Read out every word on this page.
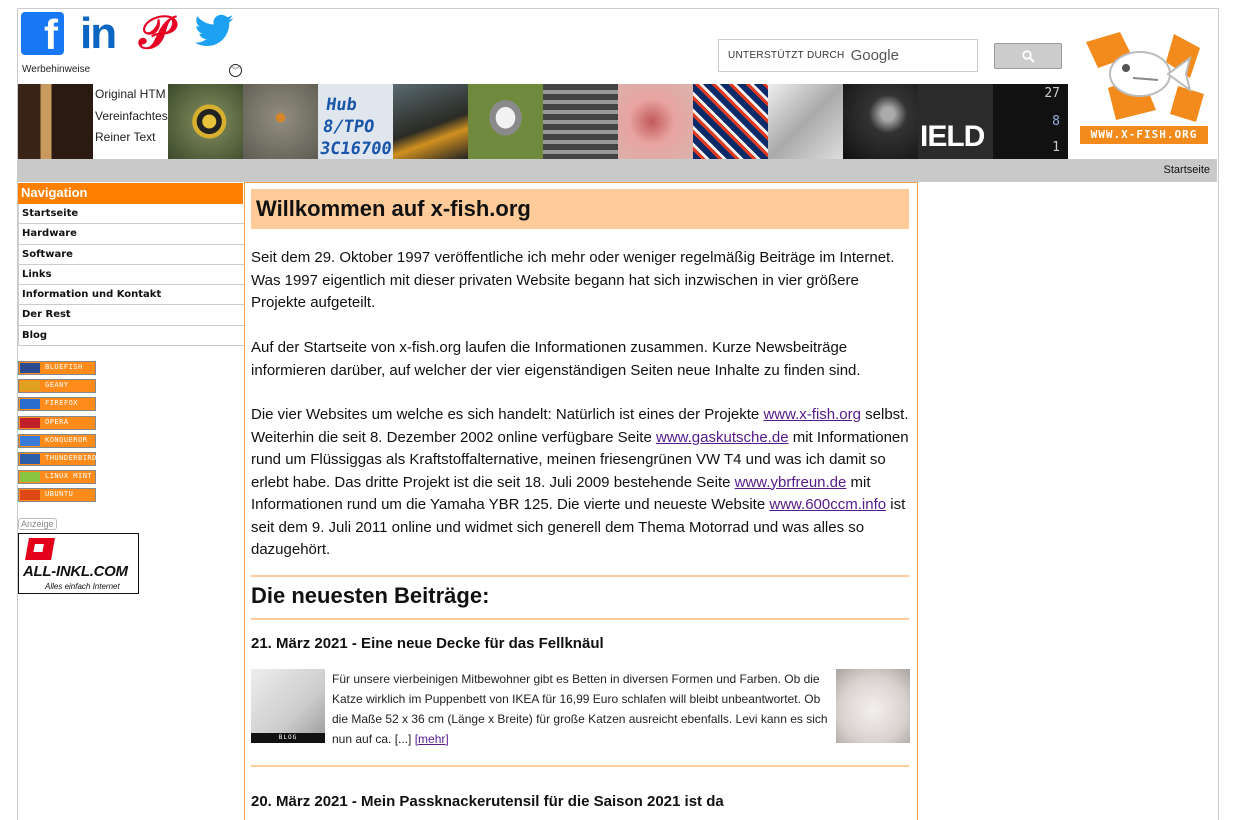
f in 𝒫
Werbehinweise	︾
UNTERSTÜTZT DURCH Google
WWW.X-FISH.ORG
Original HTM
Vereinfachtes
Reiner Text
Hub 8/TPO 3C16700	IELD
27
8
1
Startseite
Navigation
Startseite
Hardware
Software
Links
Information und Kontakt
Der Rest
Blog
BLUEFISH
GEANY
FIREFOX
OPERA
KONQUEROR
THUNDERBIRD
LINUX MINT
UBUNTU
Anzeige
ALL-INKL.COM
Alles einfach Internet
Willkommen auf x-fish.org
Seit dem 29. Oktober 1997 veröffentliche ich mehr oder weniger regelmäßig Beiträge im Internet. Was 1997 eigentlich mit dieser privaten Website begann hat sich inzwischen in vier größere Projekte aufgeteilt.
Auf der Startseite von x-fish.org laufen die Informationen zusammen. Kurze Newsbeiträge informieren darüber, auf welcher der vier eigenständigen Seiten neue Inhalte zu finden sind.
Die vier Websites um welche es sich handelt: Natürlich ist eines der Projekte www.x-fish.org selbst. Weiterhin die seit 8. Dezember 2002 online verfügbare Seite www.gaskutsche.de mit Informationen rund um Flüssiggas als Kraftstoffalternative, meinen friesengrünen VW T4 und was ich damit so erlebt habe. Das dritte Projekt ist die seit 18. Juli 2009 bestehende Seite www.ybrfreun.de mit Informationen rund um die Yamaha YBR 125. Die vierte und neueste Website www.600ccm.info ist seit dem 9. Juli 2011 online und widmet sich generell dem Thema Motorrad und was alles so dazugehört.
Die neuesten Beiträge:
21. März 2021 - Eine neue Decke für das Fellknäul
BLOG
Für unsere vierbeinigen Mitbewohner gibt es Betten in diversen Formen und Farben. Ob die Katze wirklich im Puppenbett von IKEA für 16,99 Euro schlafen will bleibt unbeantwortet. Ob die Maße 52 x 36 cm (Länge x Breite) für große Katzen ausreicht ebenfalls. Levi kann es sich nun auf ca. [...] [mehr]
20. März 2021 - Mein Passknackerutensil für die Saison 2021 ist da
